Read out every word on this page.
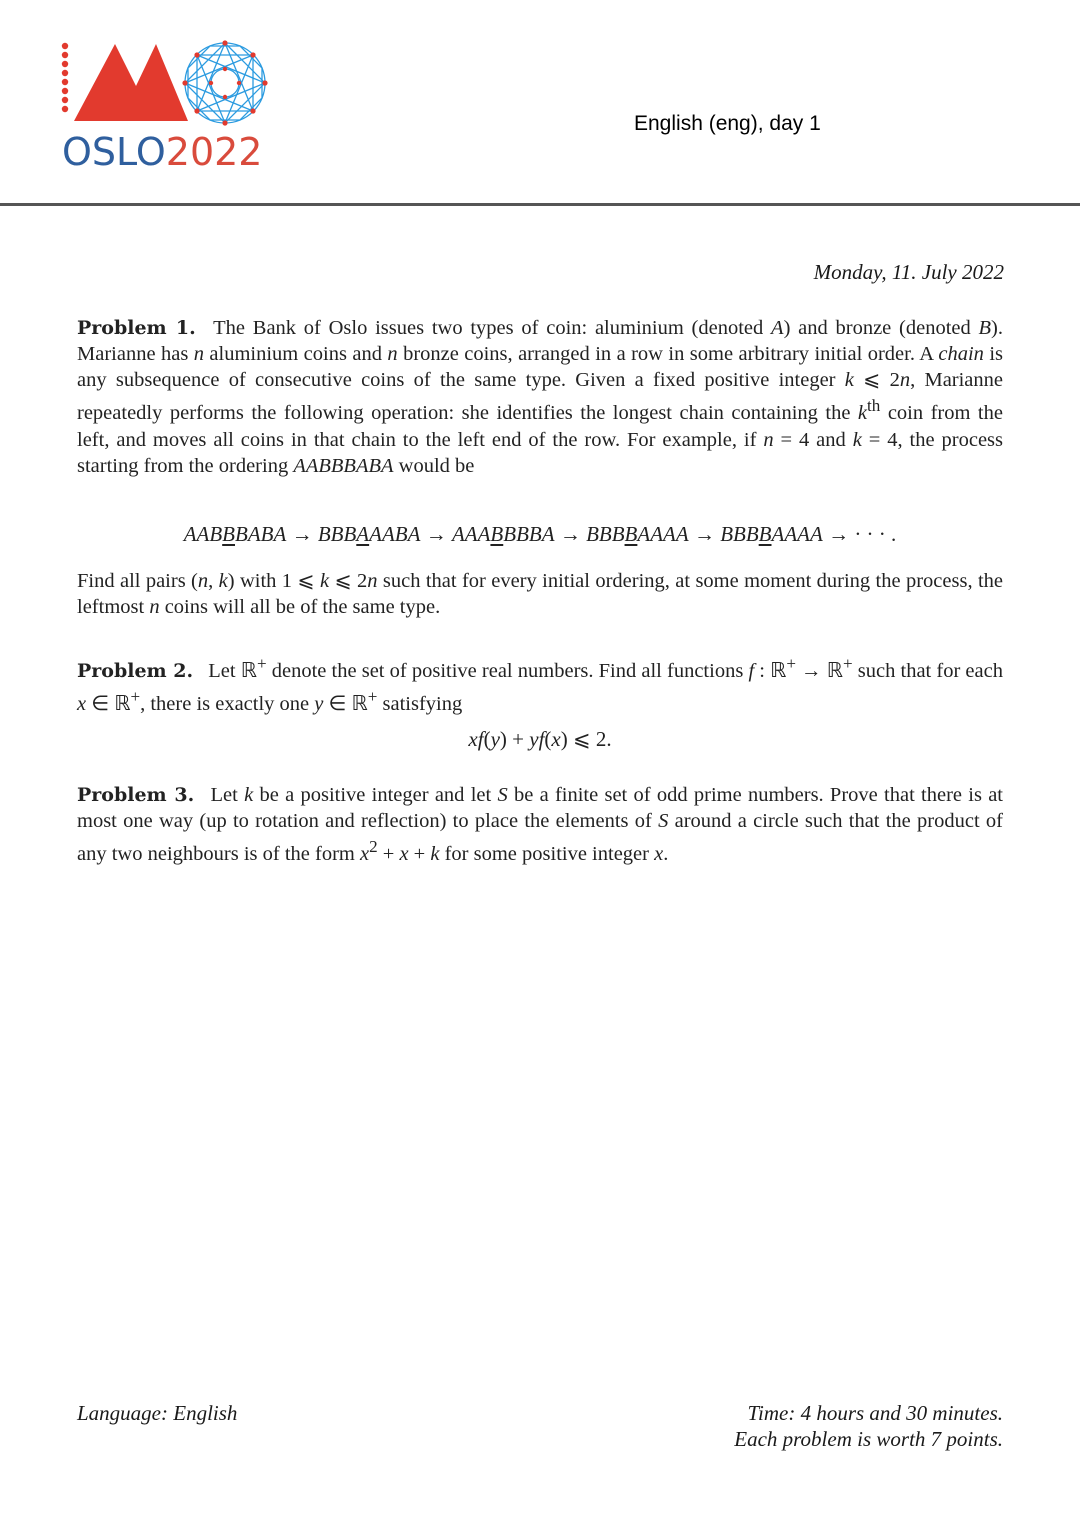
OSLO2022
English (eng), day 1
Monday, 11. July 2022
Problem 1. The Bank of Oslo issues two types of coin: aluminium (denoted A) and bronze (denoted B). Marianne has n aluminium coins and n bronze coins, arranged in a row in some arbitrary initial order. A chain is any subsequence of consecutive coins of the same type. Given a fixed positive integer k ⩽ 2n, Marianne repeatedly performs the following operation: she identifies the longest chain containing the $k^{th}$ coin from the left, and moves all coins in that chain to the left end of the row. For example, if n = 4 and k = 4, the process starting from the ordering AABBBABA would be
AABBBABA → BBBAAABA → AAABBBBA → BBBBAAAA → BBBBAAAA → · · · .
Find all pairs (n, k) with 1 ⩽ k ⩽ 2n such that for every initial ordering, at some moment during the process, the leftmost n coins will all be of the same type.
Problem 2. Let ℝ+ denote the set of positive real numbers. Find all functions f : ℝ+ → ℝ+ such that for each x ∈ ℝ+, there is exactly one y ∈ ℝ+ satisfying
xf(y) + yf(x) ⩽ 2.
Problem 3. Let k be a positive integer and let S be a finite set of odd prime numbers. Prove that there is at most one way (up to rotation and reflection) to place the elements of S around a circle such that the product of any two neighbours is of the form $x^2 + x + k$ for some positive integer x.
Language: English	Time: 4 hours and 30 minutes.
Each problem is worth 7 points.
